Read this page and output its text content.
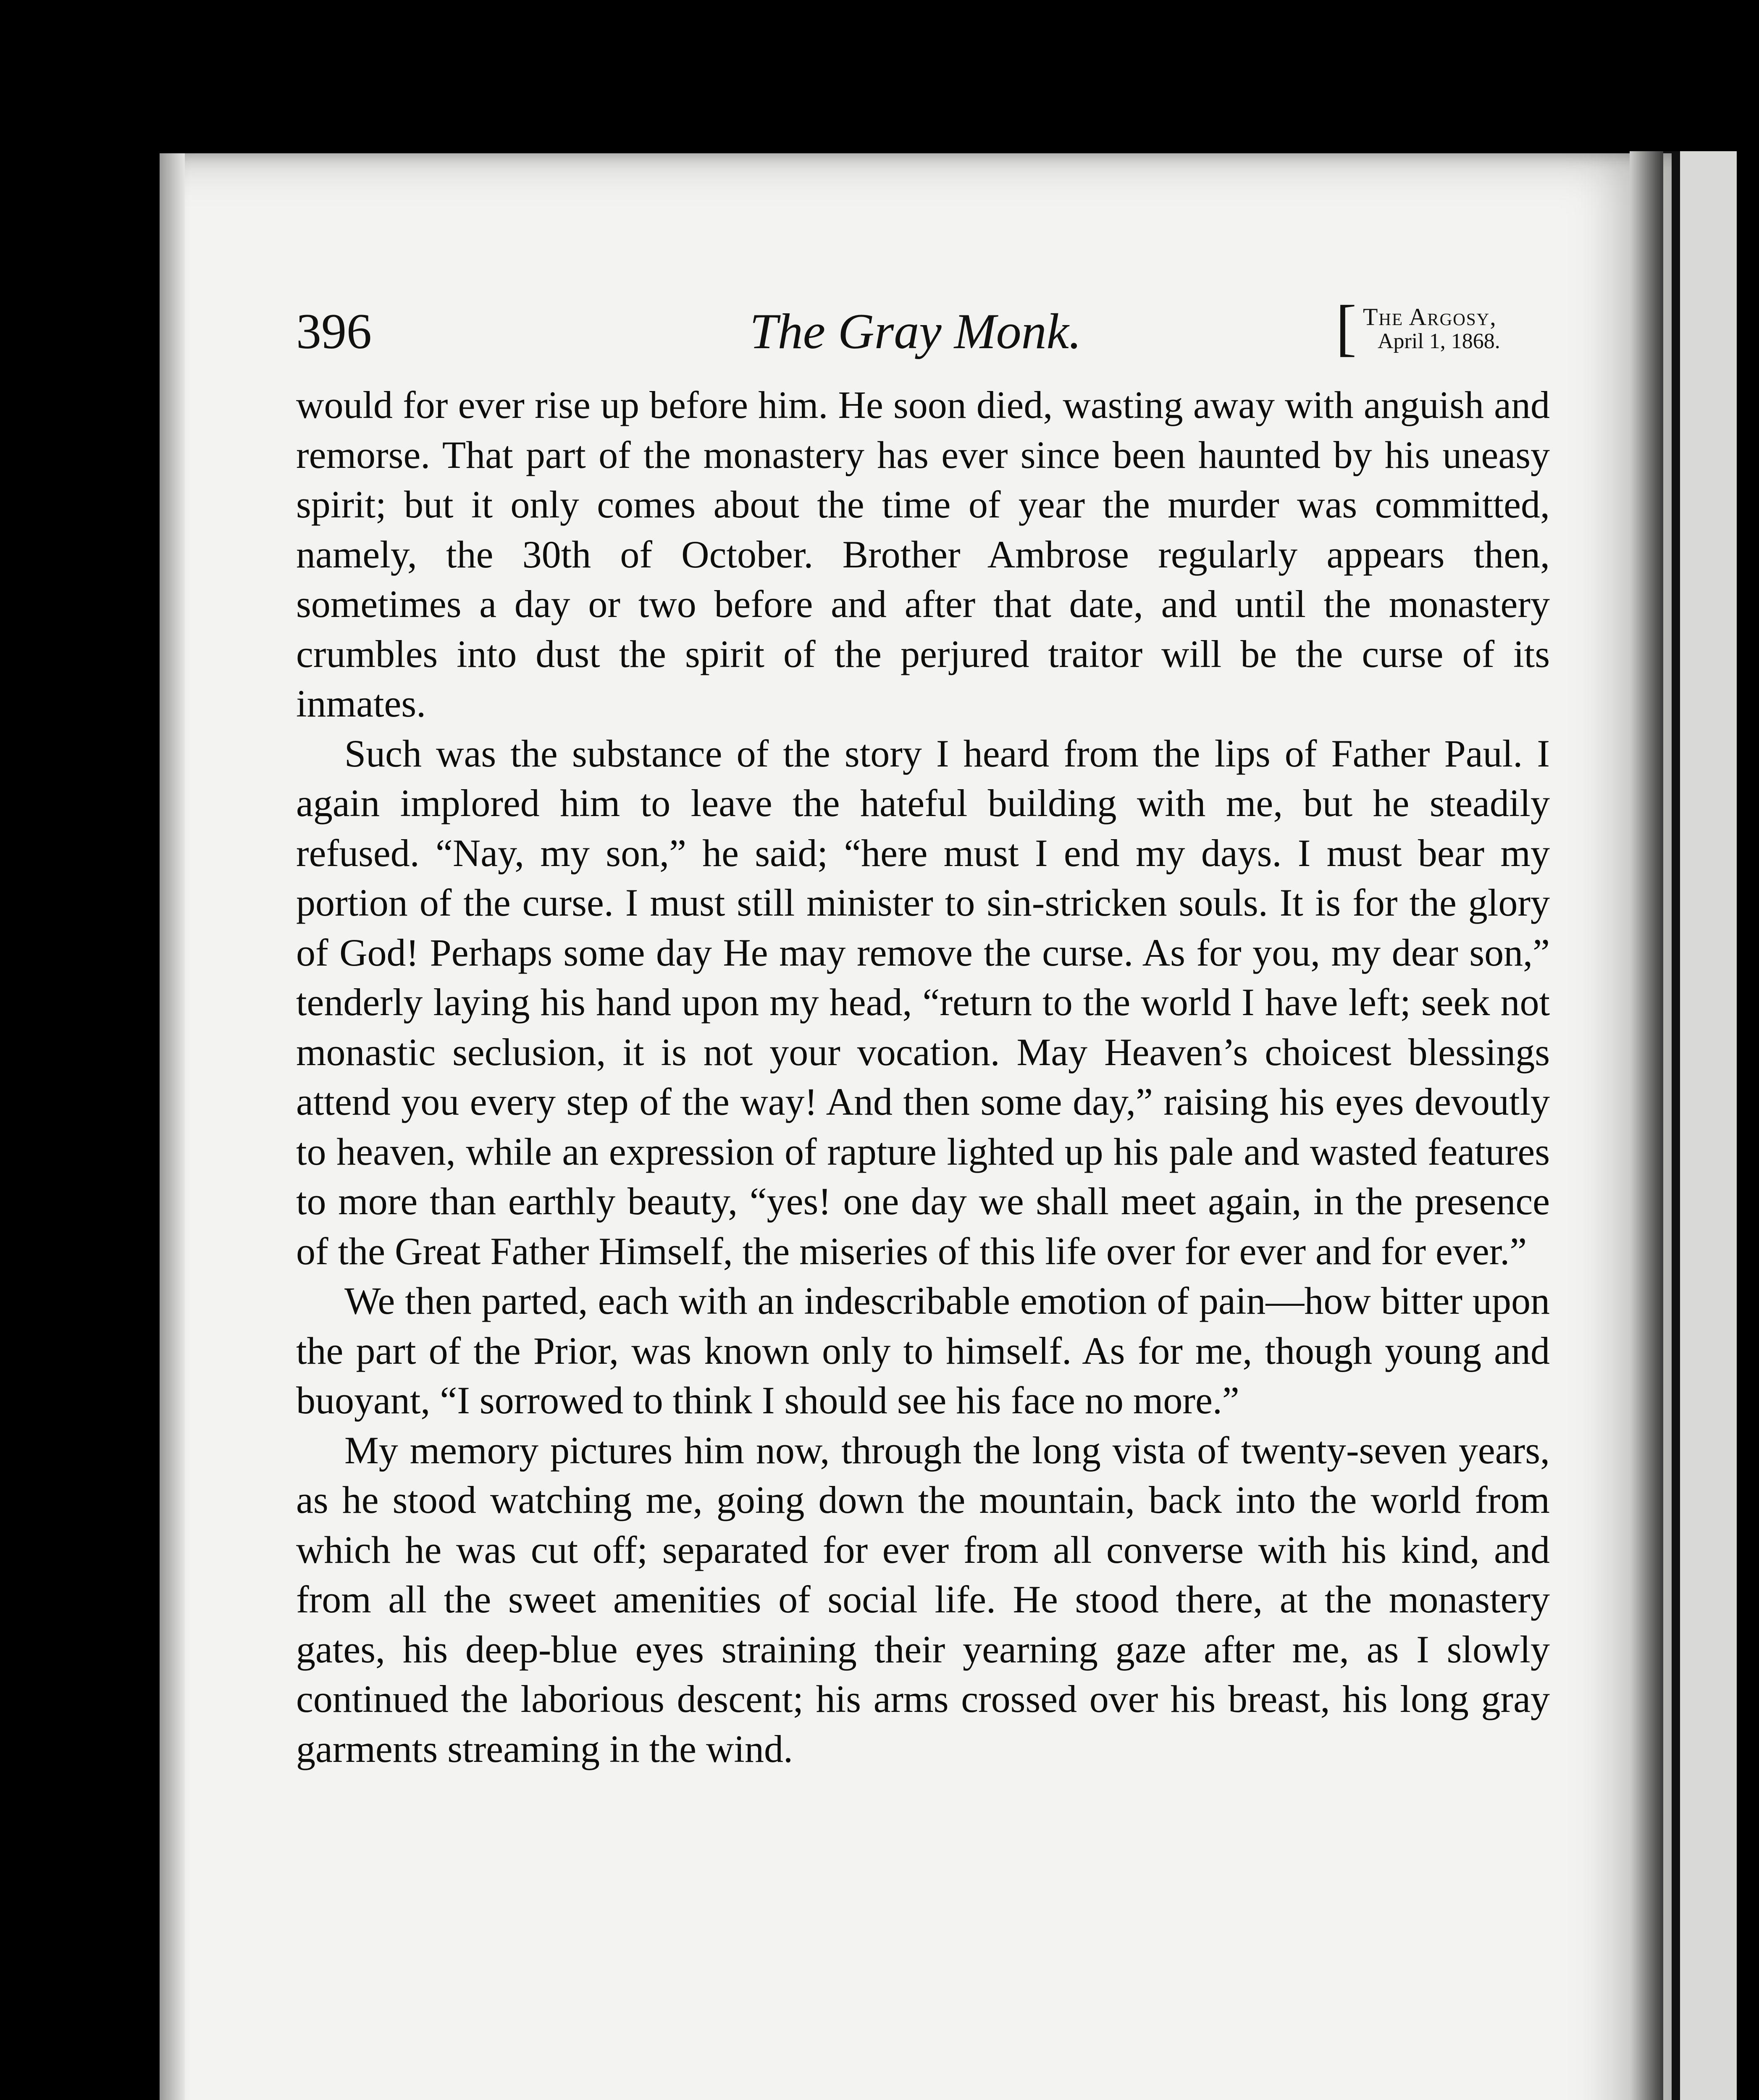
396	The Gray Monk.	[ The Argosy,
April 1, 1868.

would for ever rise up before him. He soon died, wasting away with anguish and remorse. That part of the monastery has ever since been haunted by his uneasy spirit; but it only comes about the time of year the murder was committed, namely, the 30th of October. Brother Ambrose regularly appears then, sometimes a day or two before and after that date, and until the monastery crumbles into dust the spirit of the perjured traitor will be the curse of its inmates.

Such was the substance of the story I heard from the lips of Father Paul. I again implored him to leave the hateful building with me, but he steadily refused. “Nay, my son,” he said; “here must I end my days. I must bear my portion of the curse. I must still minister to sin-stricken souls. It is for the glory of God! Perhaps some day He may remove the curse. As for you, my dear son,” tenderly laying his hand upon my head, “return to the world I have left; seek not monastic seclusion, it is not your vocation. May Heaven’s choicest blessings attend you every step of the way! And then some day,” raising his eyes devoutly to heaven, while an expression of rapture lighted up his pale and wasted features to more than earthly beauty, “yes! one day we shall meet again, in the presence of the Great Father Himself, the miseries of this life over for ever and for ever.”

We then parted, each with an indescribable emotion of pain—how bitter upon the part of the Prior, was known only to himself. As for me, though young and buoyant, “I sorrowed to think I should see his face no more.”

My memory pictures him now, through the long vista of twenty-seven years, as he stood watching me, going down the mountain, back into the world from which he was cut off; separated for ever from all converse with his kind, and from all the sweet amenities of social life. He stood there, at the monastery gates, his deep-blue eyes straining their yearning gaze after me, as I slowly continued the laborious descent; his arms crossed over his breast, his long gray garments streaming in the wind.
